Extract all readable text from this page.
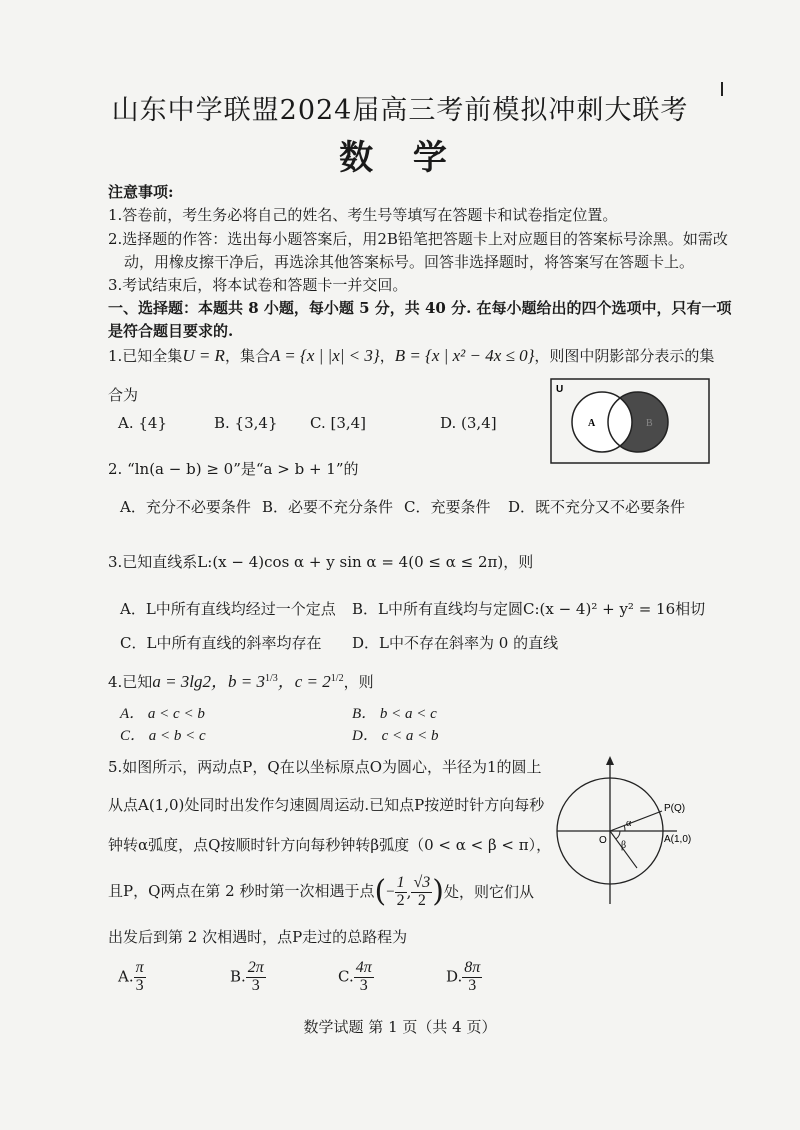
山东中学联盟2024届高三考前模拟冲刺大联考
数 学
注意事项:
1.答卷前，考生务必将自己的姓名、考生号等填写在答题卡和试卷指定位置。
2.选择题的作答：选出每小题答案后，用2B铅笔把答题卡上对应题目的答案标号涂黑。如需改
动，用橡皮擦干净后，再选涂其他答案标号。回答非选择题时，将答案写在答题卡上。
3.考试结束后，将本试卷和答题卡一并交回。
一、选择题：本题共 8 小题，每小题 5 分，共 40 分. 在每小题给出的四个选项中，只有一项
是符合题目要求的.
1.已知全集U = R，集合A = {x | |x| < 3}，B = {x | x² − 4x ≤ 0}，则图中阴影部分表示的集
合为
A. {4}	B. {3,4} C. [3,4]	D. (3,4]
U
A	B
2. “ln(a − b) ≥ 0”是“a > b + 1”的
A．充分不必要条件 B．必要不充分条件 C．充要条件 D．既不充分又不必要条件
3.已知直线系L:(x − 4)cos α + y sin α = 4(0 ≤ α ≤ 2π)，则
A．L中所有直线均经过一个定点 B．L中所有直线均与定圆C:(x − 4)² + y² = 16相切
C．L中所有直线的斜率均存在 D．L中不存在斜率为 0 的直线
4.已知a = 3lg2，$b = 3^{1/3}$，$c = 2^{1/2}$，则
A． a < c < b	B． b < a < c
C． a < b < c	D． c < a < b
5.如图所示，两动点P，Q在以坐标原点O为圆心，半径为1的圆上
从点A(1,0)处同时出发作匀速圆周运动.已知点P按逆时针方向每秒
钟转α弧度，点Q按顺时针方向每秒钟转β弧度（0 < α < β < π），
且P，Q两点在第 2 秒时第一次相遇于点(− $\frac{1}{2}$ , $\frac{√3}{2}$ )处，则它们从
出发后到第 2 次相遇时，点P走过的总路程为
A. $\frac{\pi}{3}$	B. $\frac{2\pi}{3}$	C. $\frac{4\pi}{3}$	D. $\frac{8\pi}{3}$
P(Q)
O
α
β
A(1,0)
数学试题 第 1 页（共 4 页）
